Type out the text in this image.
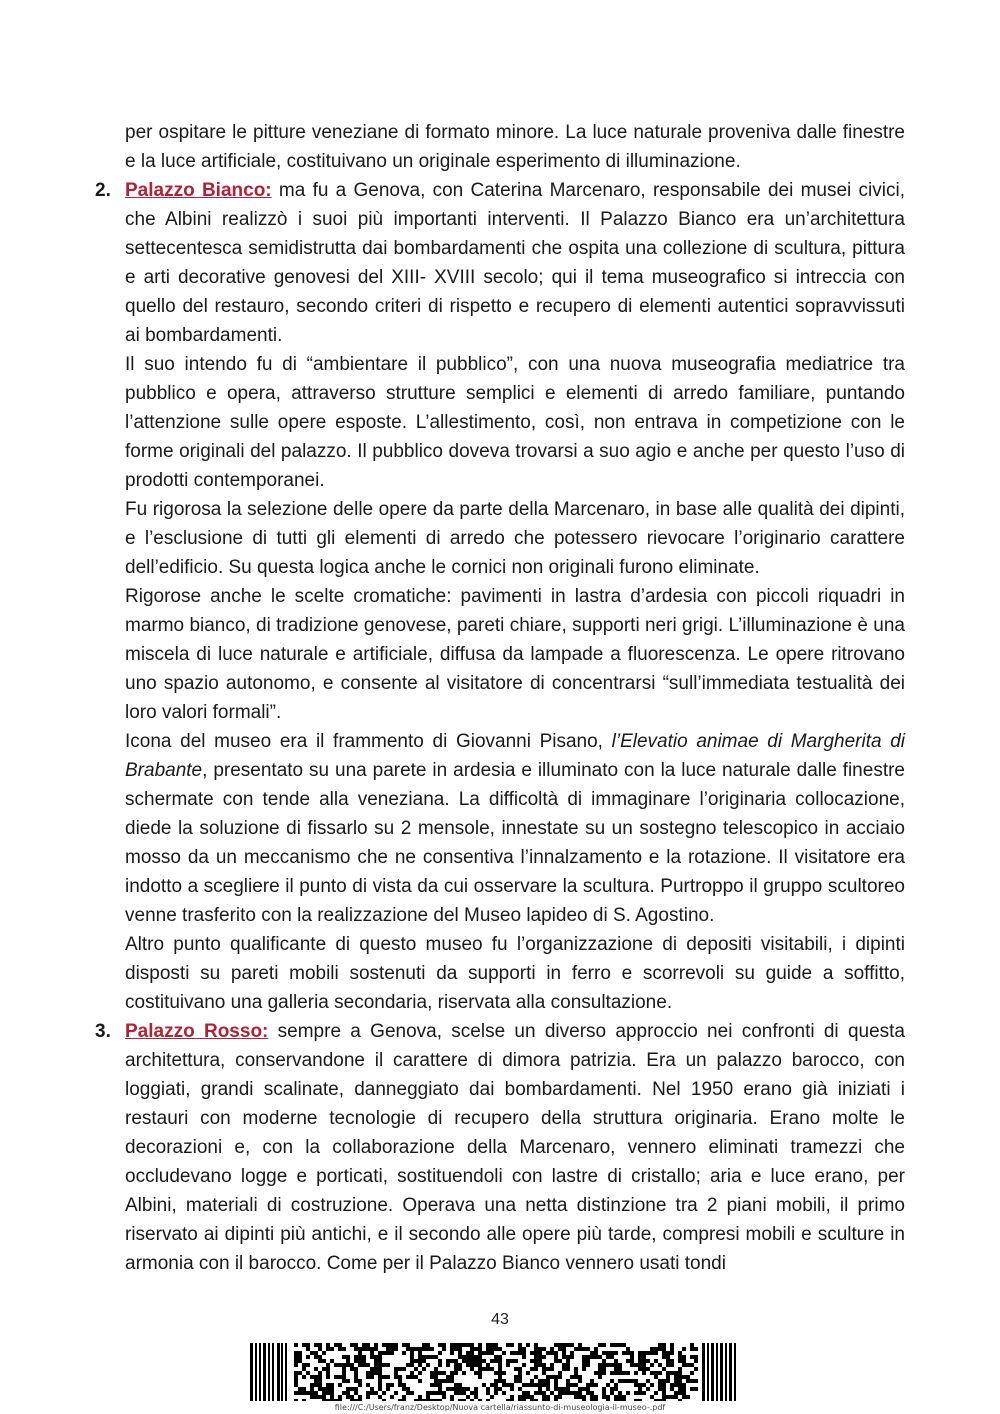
per ospitare le pitture veneziane di formato minore. La luce naturale proveniva dalle finestre e la luce artificiale, costituivano un originale esperimento di illuminazione.

2. Palazzo Bianco: ma fu a Genova, con Caterina Marcenaro, responsabile dei musei civici, che Albini realizzò i suoi più importanti interventi. Il Palazzo Bianco era un’architettura settecentesca semidistrutta dai bombardamenti che ospita una collezione di scultura, pittura e arti decorative genovesi del XIII- XVIII secolo; qui il tema museografico si intreccia con quello del restauro, secondo criteri di rispetto e recupero di elementi autentici sopravvissuti ai bombardamenti.

Il suo intendo fu di “ambientare il pubblico”, con una nuova museografia mediatrice tra pubblico e opera, attraverso strutture semplici e elementi di arredo familiare, puntando l’attenzione sulle opere esposte. L’allestimento, così, non entrava in competizione con le forme originali del palazzo. Il pubblico doveva trovarsi a suo agio e anche per questo l’uso di prodotti contemporanei.

Fu rigorosa la selezione delle opere da parte della Marcenaro, in base alle qualità dei dipinti, e l’esclusione di tutti gli elementi di arredo che potessero rievocare l’originario carattere dell’edificio. Su questa logica anche le cornici non originali furono eliminate.

Rigorose anche le scelte cromatiche: pavimenti in lastra d’ardesia con piccoli riquadri in marmo bianco, di tradizione genovese, pareti chiare, supporti neri grigi. L’illuminazione è una miscela di luce naturale e artificiale, diffusa da lampade a fluorescenza. Le opere ritrovano uno spazio autonomo, e consente al visitatore di concentrarsi “sull’immediata testualità dei loro valori formali”.

Icona del museo era il frammento di Giovanni Pisano, l’Elevatio animae di Margherita di Brabante, presentato su una parete in ardesia e illuminato con la luce naturale dalle finestre schermate con tende alla veneziana. La difficoltà di immaginare l’originaria collocazione, diede la soluzione di fissarlo su 2 mensole, innestate su un sostegno telescopico in acciaio mosso da un meccanismo che ne consentiva l’innalzamento e la rotazione. Il visitatore era indotto a scegliere il punto di vista da cui osservare la scultura. Purtroppo il gruppo scultoreo venne trasferito con la realizzazione del Museo lapideo di S. Agostino.

Altro punto qualificante di questo museo fu l’organizzazione di depositi visitabili, i dipinti disposti su pareti mobili sostenuti da supporti in ferro e scorrevoli su guide a soffitto, costituivano una galleria secondaria, riservata alla consultazione.

3. Palazzo Rosso: sempre a Genova, scelse un diverso approccio nei confronti di questa architettura, conservandone il carattere di dimora patrizia. Era un palazzo barocco, con loggiati, grandi scalinate, danneggiato dai bombardamenti. Nel 1950 erano già iniziati i restauri con moderne tecnologie di recupero della struttura originaria. Erano molte le decorazioni e, con la collaborazione della Marcenaro, vennero eliminati tramezzi che occludevano logge e porticati, sostituendoli con lastre di cristallo; aria e luce erano, per Albini, materiali di costruzione. Operava una netta distinzione tra 2 piani mobili, il primo riservato ai dipinti più antichi, e il secondo alle opere più tarde, compresi mobili e sculture in armonia con il barocco. Come per il Palazzo Bianco vennero usati tondi

43
file:///C:/Users/franz/Desktop/Nuova cartella/riassunto-di-museologia-il-museo-.pdf
